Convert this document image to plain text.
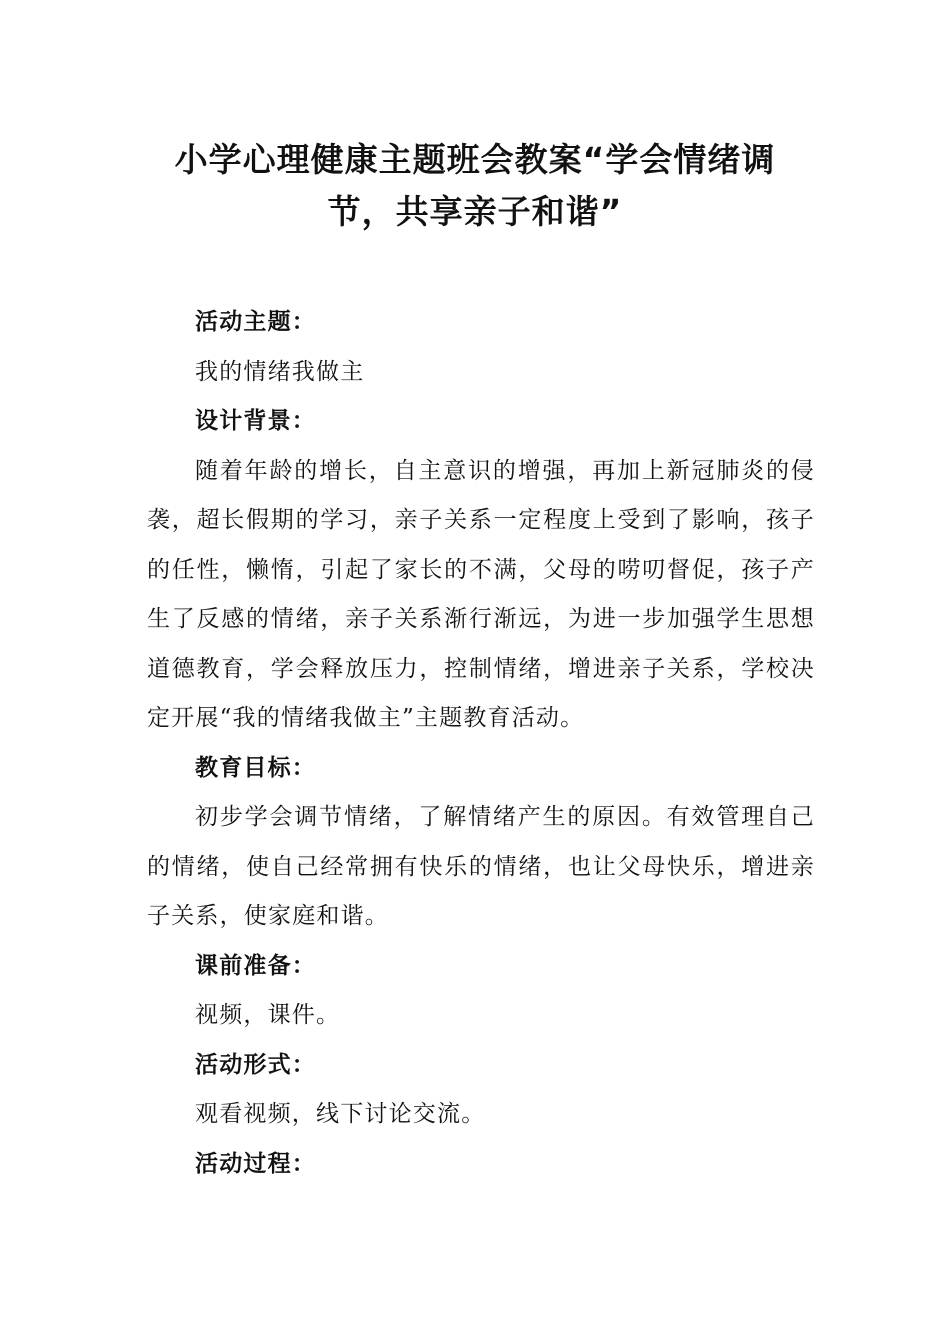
小学心理健康主题班会教案“学会情绪调
节，共享亲子和谐”

活动主题：

我的情绪我做主

设计背景：

随着年龄的增长，自主意识的增强，再加上新冠肺炎的侵袭，超长假期的学习，亲子关系一定程度上受到了影响，孩子的任性，懒惰，引起了家长的不满，父母的唠叨督促，孩子产生了反感的情绪，亲子关系渐行渐远，为进一步加强学生思想道德教育，学会释放压力，控制情绪，增进亲子关系，学校决定开展“我的情绪我做主”主题教育活动。

教育目标：

初步学会调节情绪，了解情绪产生的原因。有效管理自己的情绪，使自己经常拥有快乐的情绪，也让父母快乐，增进亲子关系，使家庭和谐。

课前准备：

视频，课件。

活动形式：

观看视频，线下讨论交流。

活动过程：
